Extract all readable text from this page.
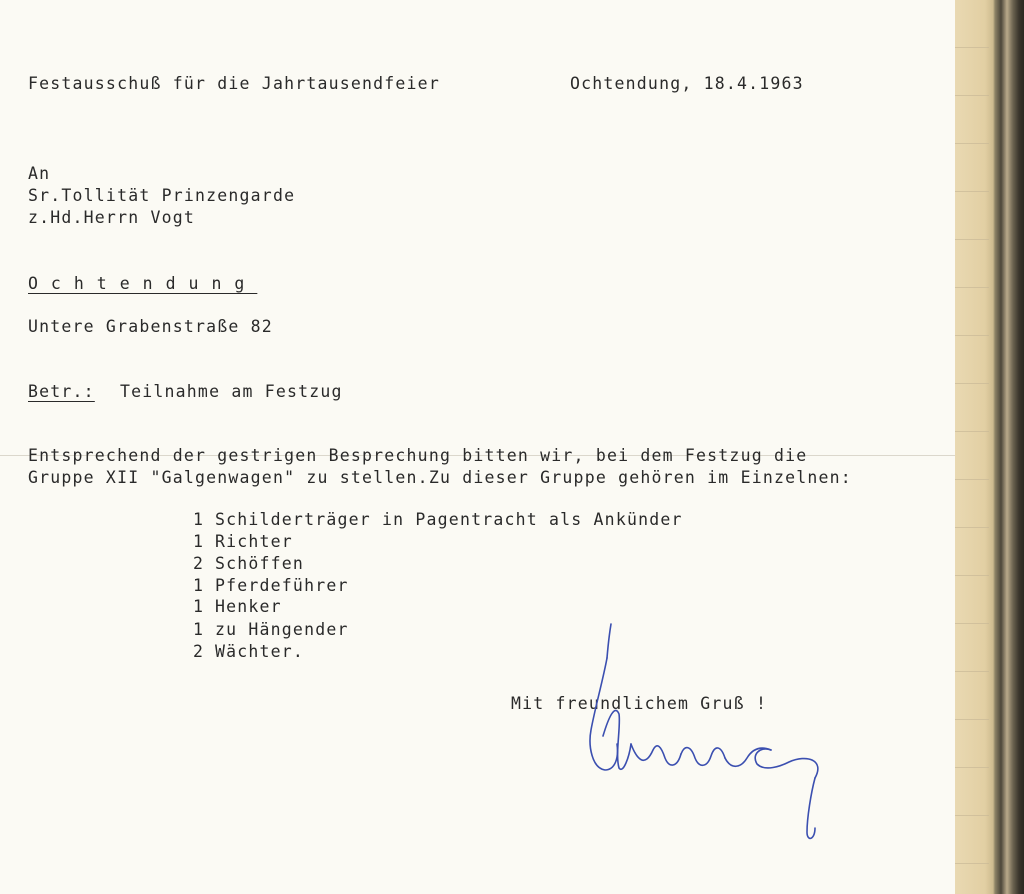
Festausschuß für die Jahrtausendfeier	Ochtendung, 18.4.1963
An
Sr.Tollität Prinzengarde
z.Hd.Herrn Vogt
Ochtendung
Untere Grabenstraße 82
Betr.: Teilnahme am Festzug
Entsprechend der gestrigen Besprechung bitten wir, bei dem Festzug die
Gruppe XII "Galgenwagen" zu stellen.Zu dieser Gruppe gehören im Einzelnen:
1 Schilderträger in Pagentracht als Ankünder
1 Richter
2 Schöffen
1 Pferdeführer
1 Henker
1 zu Hängender
2 Wächter.
Mit freundlichem Gruß !
